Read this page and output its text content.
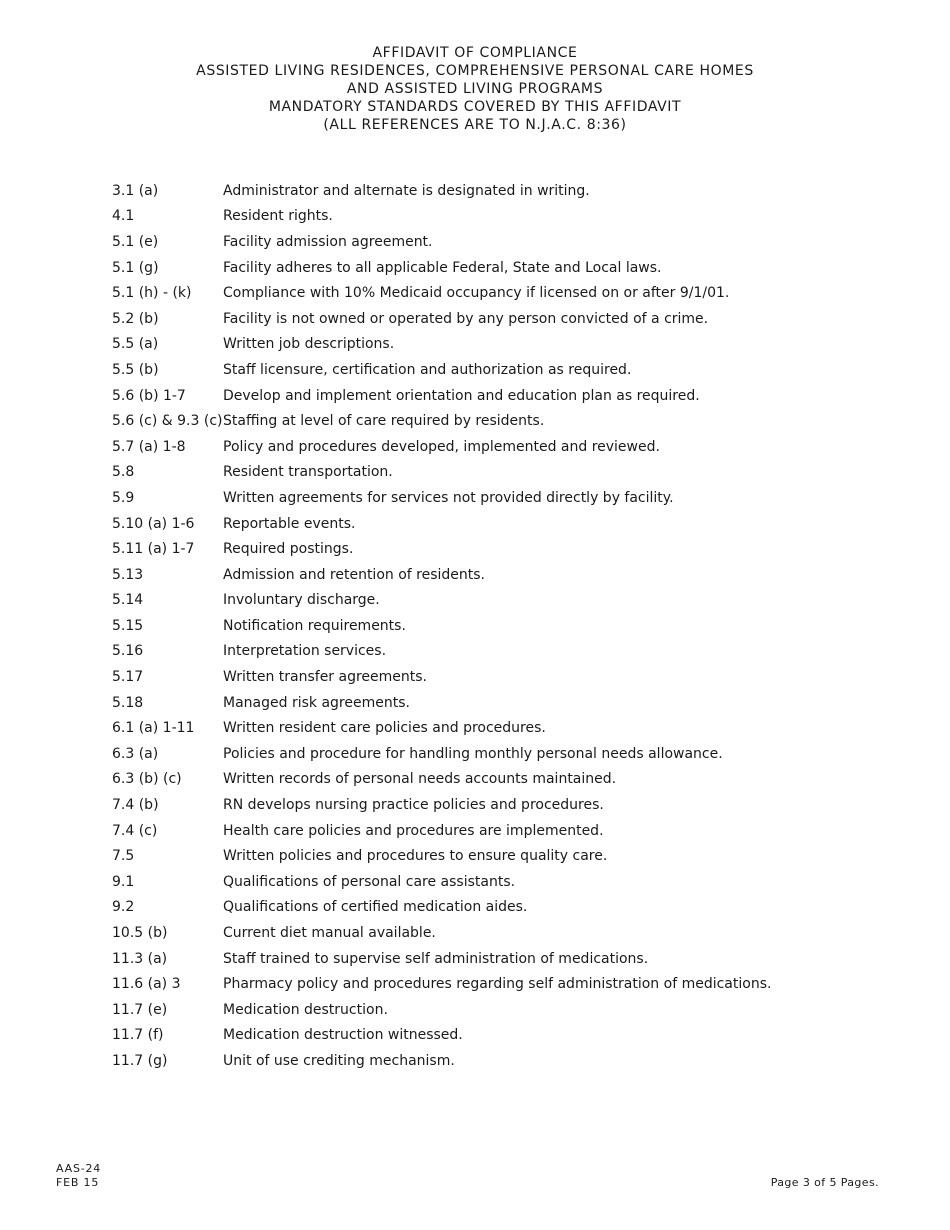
AFFIDAVIT OF COMPLIANCE
ASSISTED LIVING RESIDENCES, COMPREHENSIVE PERSONAL CARE HOMES
AND ASSISTED LIVING PROGRAMS
MANDATORY STANDARDS COVERED BY THIS AFFIDAVIT
(ALL REFERENCES ARE TO N.J.A.C. 8:36)
3.1 (a)	Administrator and alternate is designated in writing.
4.1	Resident rights.
5.1 (e)	Facility admission agreement.
5.1 (g)	Facility adheres to all applicable Federal, State and Local laws.
5.1 (h) - (k)	Compliance with 10% Medicaid occupancy if licensed on or after 9/1/01.
5.2 (b)	Facility is not owned or operated by any person convicted of a crime.
5.5 (a)	Written job descriptions.
5.5 (b)	Staff licensure, certification and authorization as required.
5.6 (b) 1-7	Develop and implement orientation and education plan as required.
5.6 (c) & 9.3 (c) Staffing at level of care required by residents.
5.7 (a) 1-8	Policy and procedures developed, implemented and reviewed.
5.8	Resident transportation.
5.9	Written agreements for services not provided directly by facility.
5.10 (a) 1-6	Reportable events.
5.11 (a) 1-7	Required postings.
5.13	Admission and retention of residents.
5.14	Involuntary discharge.
5.15	Notification requirements.
5.16	Interpretation services.
5.17	Written transfer agreements.
5.18	Managed risk agreements.
6.1 (a) 1-11	Written resident care policies and procedures.
6.3 (a)	Policies and procedure for handling monthly personal needs allowance.
6.3 (b) (c)	Written records of personal needs accounts maintained.
7.4 (b)	RN develops nursing practice policies and procedures.
7.4 (c)	Health care policies and procedures are implemented.
7.5	Written policies and procedures to ensure quality care.
9.1	Qualifications of personal care assistants.
9.2	Qualifications of certified medication aides.
10.5 (b)	Current diet manual available.
11.3 (a)	Staff trained to supervise self administration of medications.
11.6 (a) 3	Pharmacy policy and procedures regarding self administration of medications.
11.7 (e)	Medication destruction.
11.7 (f)	Medication destruction witnessed.
11.7 (g)	Unit of use crediting mechanism.
AAS-24
FEB 15	Page 3 of 5 Pages.
